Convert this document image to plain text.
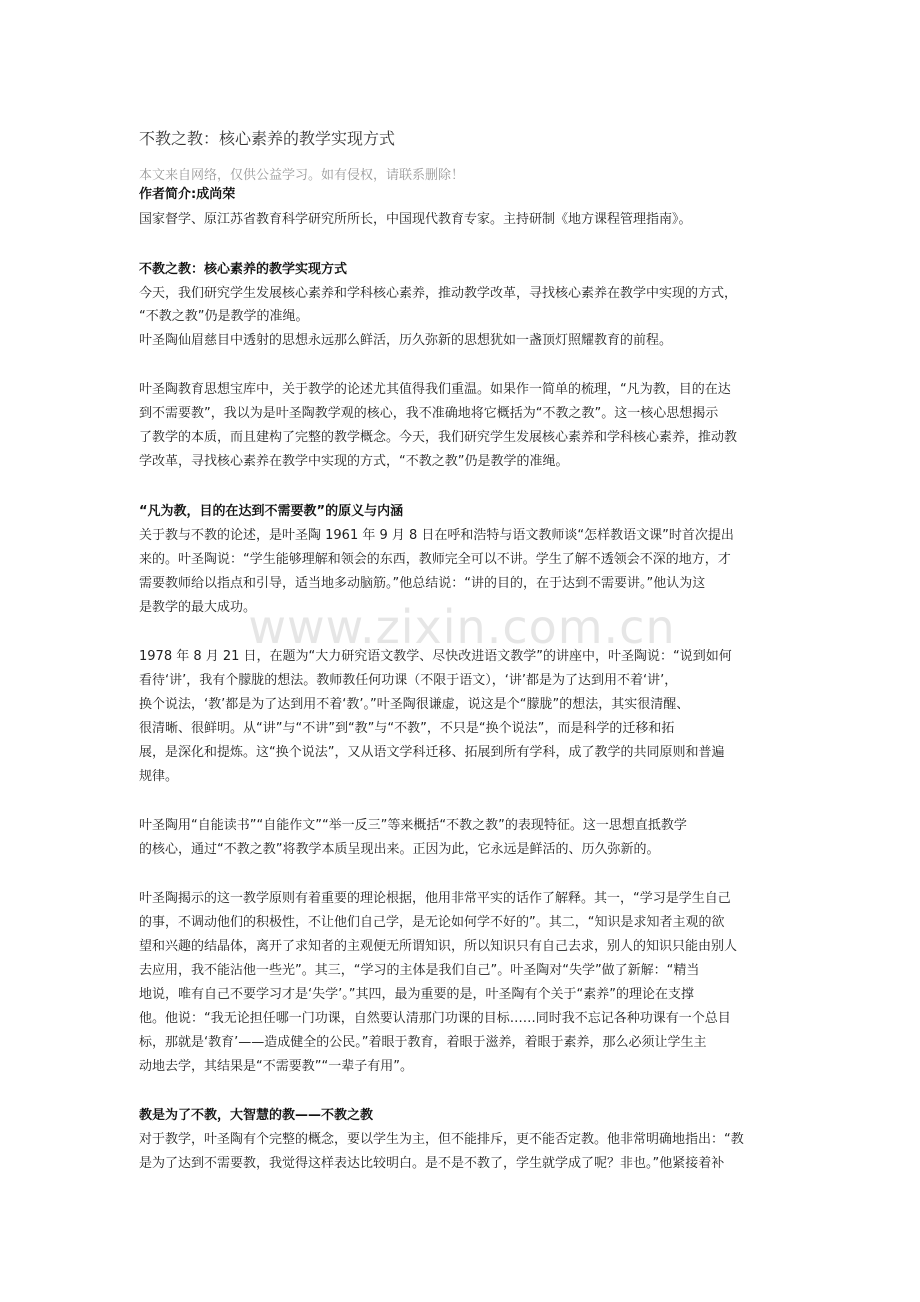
www.zixin.com.cn
不教之教：核心素养的教学实现方式
本文来自网络，仅供公益学习。如有侵权，请联系删除！
作者简介:成尚荣
国家督学、原江苏省教育科学研究所所长，中国现代教育专家。主持研制《地方课程管理指南》。
不教之教：核心素养的教学实现方式
今天，我们研究学生发展核心素养和学科核心素养，推动教学改革，寻找核心素养在教学中实现的方式，
“不教之教”仍是教学的准绳。
叶圣陶仙眉慈目中透射的思想永远那么鲜活，历久弥新的思想犹如一盏顶灯照耀教育的前程。
叶圣陶教育思想宝库中，关于教学的论述尤其值得我们重温。如果作一简单的梳理，“凡为教，目的在达
到不需要教”，我以为是叶圣陶教学观的核心，我不准确地将它概括为“不教之教”。这一核心思想揭示
了教学的本质，而且建构了完整的教学概念。今天，我们研究学生发展核心素养和学科核心素养，推动教
学改革，寻找核心素养在教学中实现的方式，“不教之教”仍是教学的准绳。
“凡为教，目的在达到不需要教”的原义与内涵
关于教与不教的论述，是叶圣陶 1961 年 9 月 8 日在呼和浩特与语文教师谈“怎样教语文课”时首次提出
来的。叶圣陶说：“学生能够理解和领会的东西，教师完全可以不讲。学生了解不透领会不深的地方，才
需要教师给以指点和引导，适当地多动脑筋。”他总结说：“讲的目的，在于达到不需要讲。”他认为这
是教学的最大成功。
1978 年 8 月 21 日，在题为“大力研究语文教学、尽快改进语文教学”的讲座中，叶圣陶说：“说到如何
看待‘讲’，我有个朦胧的想法。教师教任何功课（不限于语文），‘讲’都是为了达到用不着‘讲’，
换个说法，‘教’都是为了达到用不着‘教’。”叶圣陶很谦虚，说这是个“朦胧”的想法，其实很清醒、
很清晰、很鲜明。从“讲”与“不讲”到“教”与“不教”，不只是“换个说法”，而是科学的迁移和拓
展，是深化和提炼。这“换个说法”，又从语文学科迁移、拓展到所有学科，成了教学的共同原则和普遍
规律。
叶圣陶用“自能读书”“自能作文”“举一反三”等来概括“不教之教”的表现特征。这一思想直抵教学
的核心，通过“不教之教”将教学本质呈现出来。正因为此，它永远是鲜活的、历久弥新的。
叶圣陶揭示的这一教学原则有着重要的理论根据，他用非常平实的话作了解释。其一，“学习是学生自己
的事，不调动他们的积极性，不让他们自己学，是无论如何学不好的”。其二，“知识是求知者主观的欲
望和兴趣的结晶体，离开了求知者的主观便无所谓知识，所以知识只有自己去求，别人的知识只能由别人
去应用，我不能沾他一些光”。其三，“学习的主体是我们自己”。叶圣陶对“失学”做了新解：“精当
地说，唯有自己不要学习才是‘失学’。”其四，最为重要的是，叶圣陶有个关于“素养”的理论在支撑
他。他说：“我无论担任哪一门功课，自然要认清那门功课的目标……同时我不忘记各种功课有一个总目
标，那就是‘教育’——造成健全的公民。”着眼于教育，着眼于滋养，着眼于素养，那么必须让学生主
动地去学，其结果是“不需要教”“一辈子有用”。
教是为了不教，大智慧的教——不教之教
对于教学，叶圣陶有个完整的概念，要以学生为主，但不能排斥，更不能否定教。他非常明确地指出：“教
是为了达到不需要教，我觉得这样表达比较明白。是不是不教了，学生就学成了呢？非也。”他紧接着补
